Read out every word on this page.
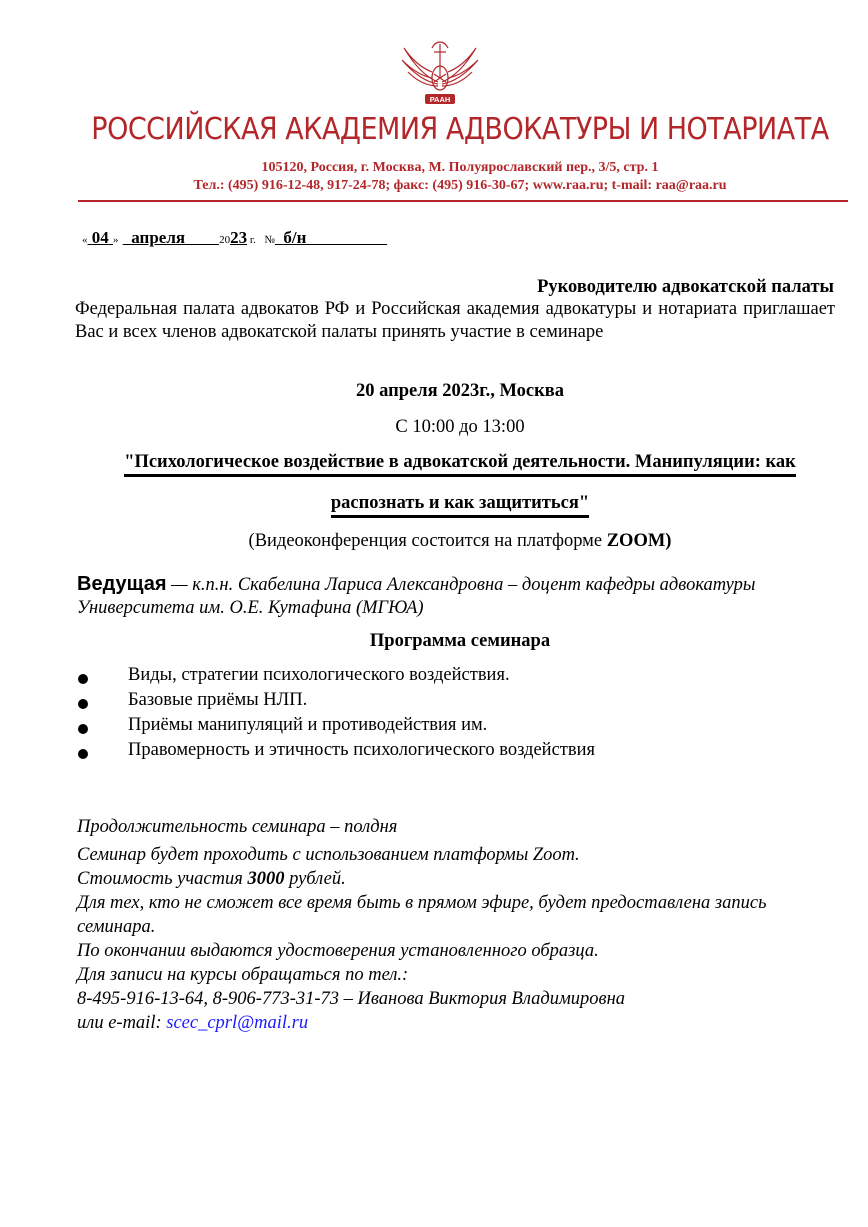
РААН
РОССИЙСКАЯ АКАДЕМИЯ АДВОКАТУРЫ И НОТАРИАТА
105120, Россия, г. Москва, М. Полуярославский пер., 3/5, стр. 1
Тел.: (495) 916-12-48, 917-24-78; факс: (495) 916-30-67; www.raa.ru; t-mail: raa@raa.ru
« 04 » апреля	2023 г. № б/н
Руководителю адвокатской палаты
Федеральная палата адвокатов РФ и Российская академия адвокатуры и нотариата приглашает Вас и всех членов адвокатской палаты принять участие в семинаре
20 апреля 2023г., Москва
С 10:00 до 13:00
"Психологическое воздействие в адвокатской деятельности. Манипуляции: как
распознать и как защититься"
(Видеоконференция состоится на платформе ZOOM)
Ведущая — к.п.н. Скабелина Лариса Александровна – доцент кафедры адвокатуры Университета им. О.Е. Кутафина (МГЮА)
Программа семинара
Виды, стратегии психологического воздействия.
Базовые приёмы НЛП.
Приёмы манипуляций и противодействия им.
Правомерность и этичность психологического воздействия
Продолжительность семинара – полдня
Семинар будет проходить с использованием платформы Zoom.
Стоимость участия 3000 рублей.
Для тех, кто не сможет все время быть в прямом эфире, будет предоставлена запись семинара.
По окончании выдаются удостоверения установленного образца.
Для записи на курсы обращаться по тел.:
8-495-916-13-64, 8-906-773-31-73 – Иванова Виктория Владимировна
или e-mail: scec_cprl@mail.ru
